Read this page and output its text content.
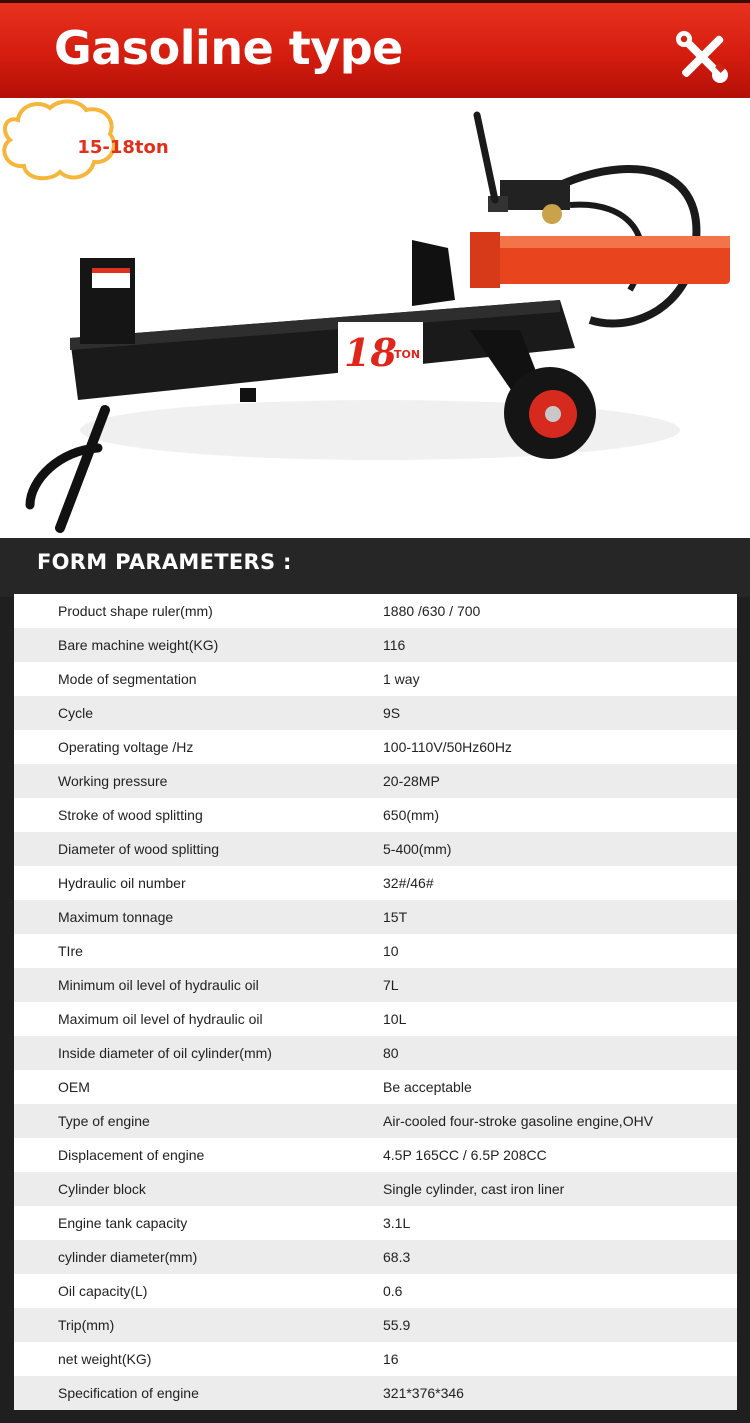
Gasoline type
18
TON
15-18ton
FORM PARAMETERS :
Product shape ruler(mm)	1880 /630 / 700
Bare machine weight(KG)	116
Mode of segmentation	1 way
Cycle	9S
Operating voltage /Hz	100-110V/50Hz60Hz
Working pressure	20-28MP
Stroke of wood splitting	650(mm)
Diameter of wood splitting	5-400(mm)
Hydraulic oil number	32#/46#
Maximum tonnage	15T
TIre	10
Minimum oil level of hydraulic oil	7L
Maximum oil level of hydraulic oil	10L
Inside diameter of oil cylinder(mm)	80
OEM	Be acceptable
Type of engine	Air-cooled four-stroke gasoline engine,OHV
Displacement of engine	4.5P 165CC / 6.5P 208CC
Cylinder block	Single cylinder, cast iron liner
Engine tank capacity	3.1L
cylinder diameter(mm)	68.3
Oil capacity(L)	0.6
Trip(mm)	55.9
net weight(KG)	16
Specification of engine	321*376*346
